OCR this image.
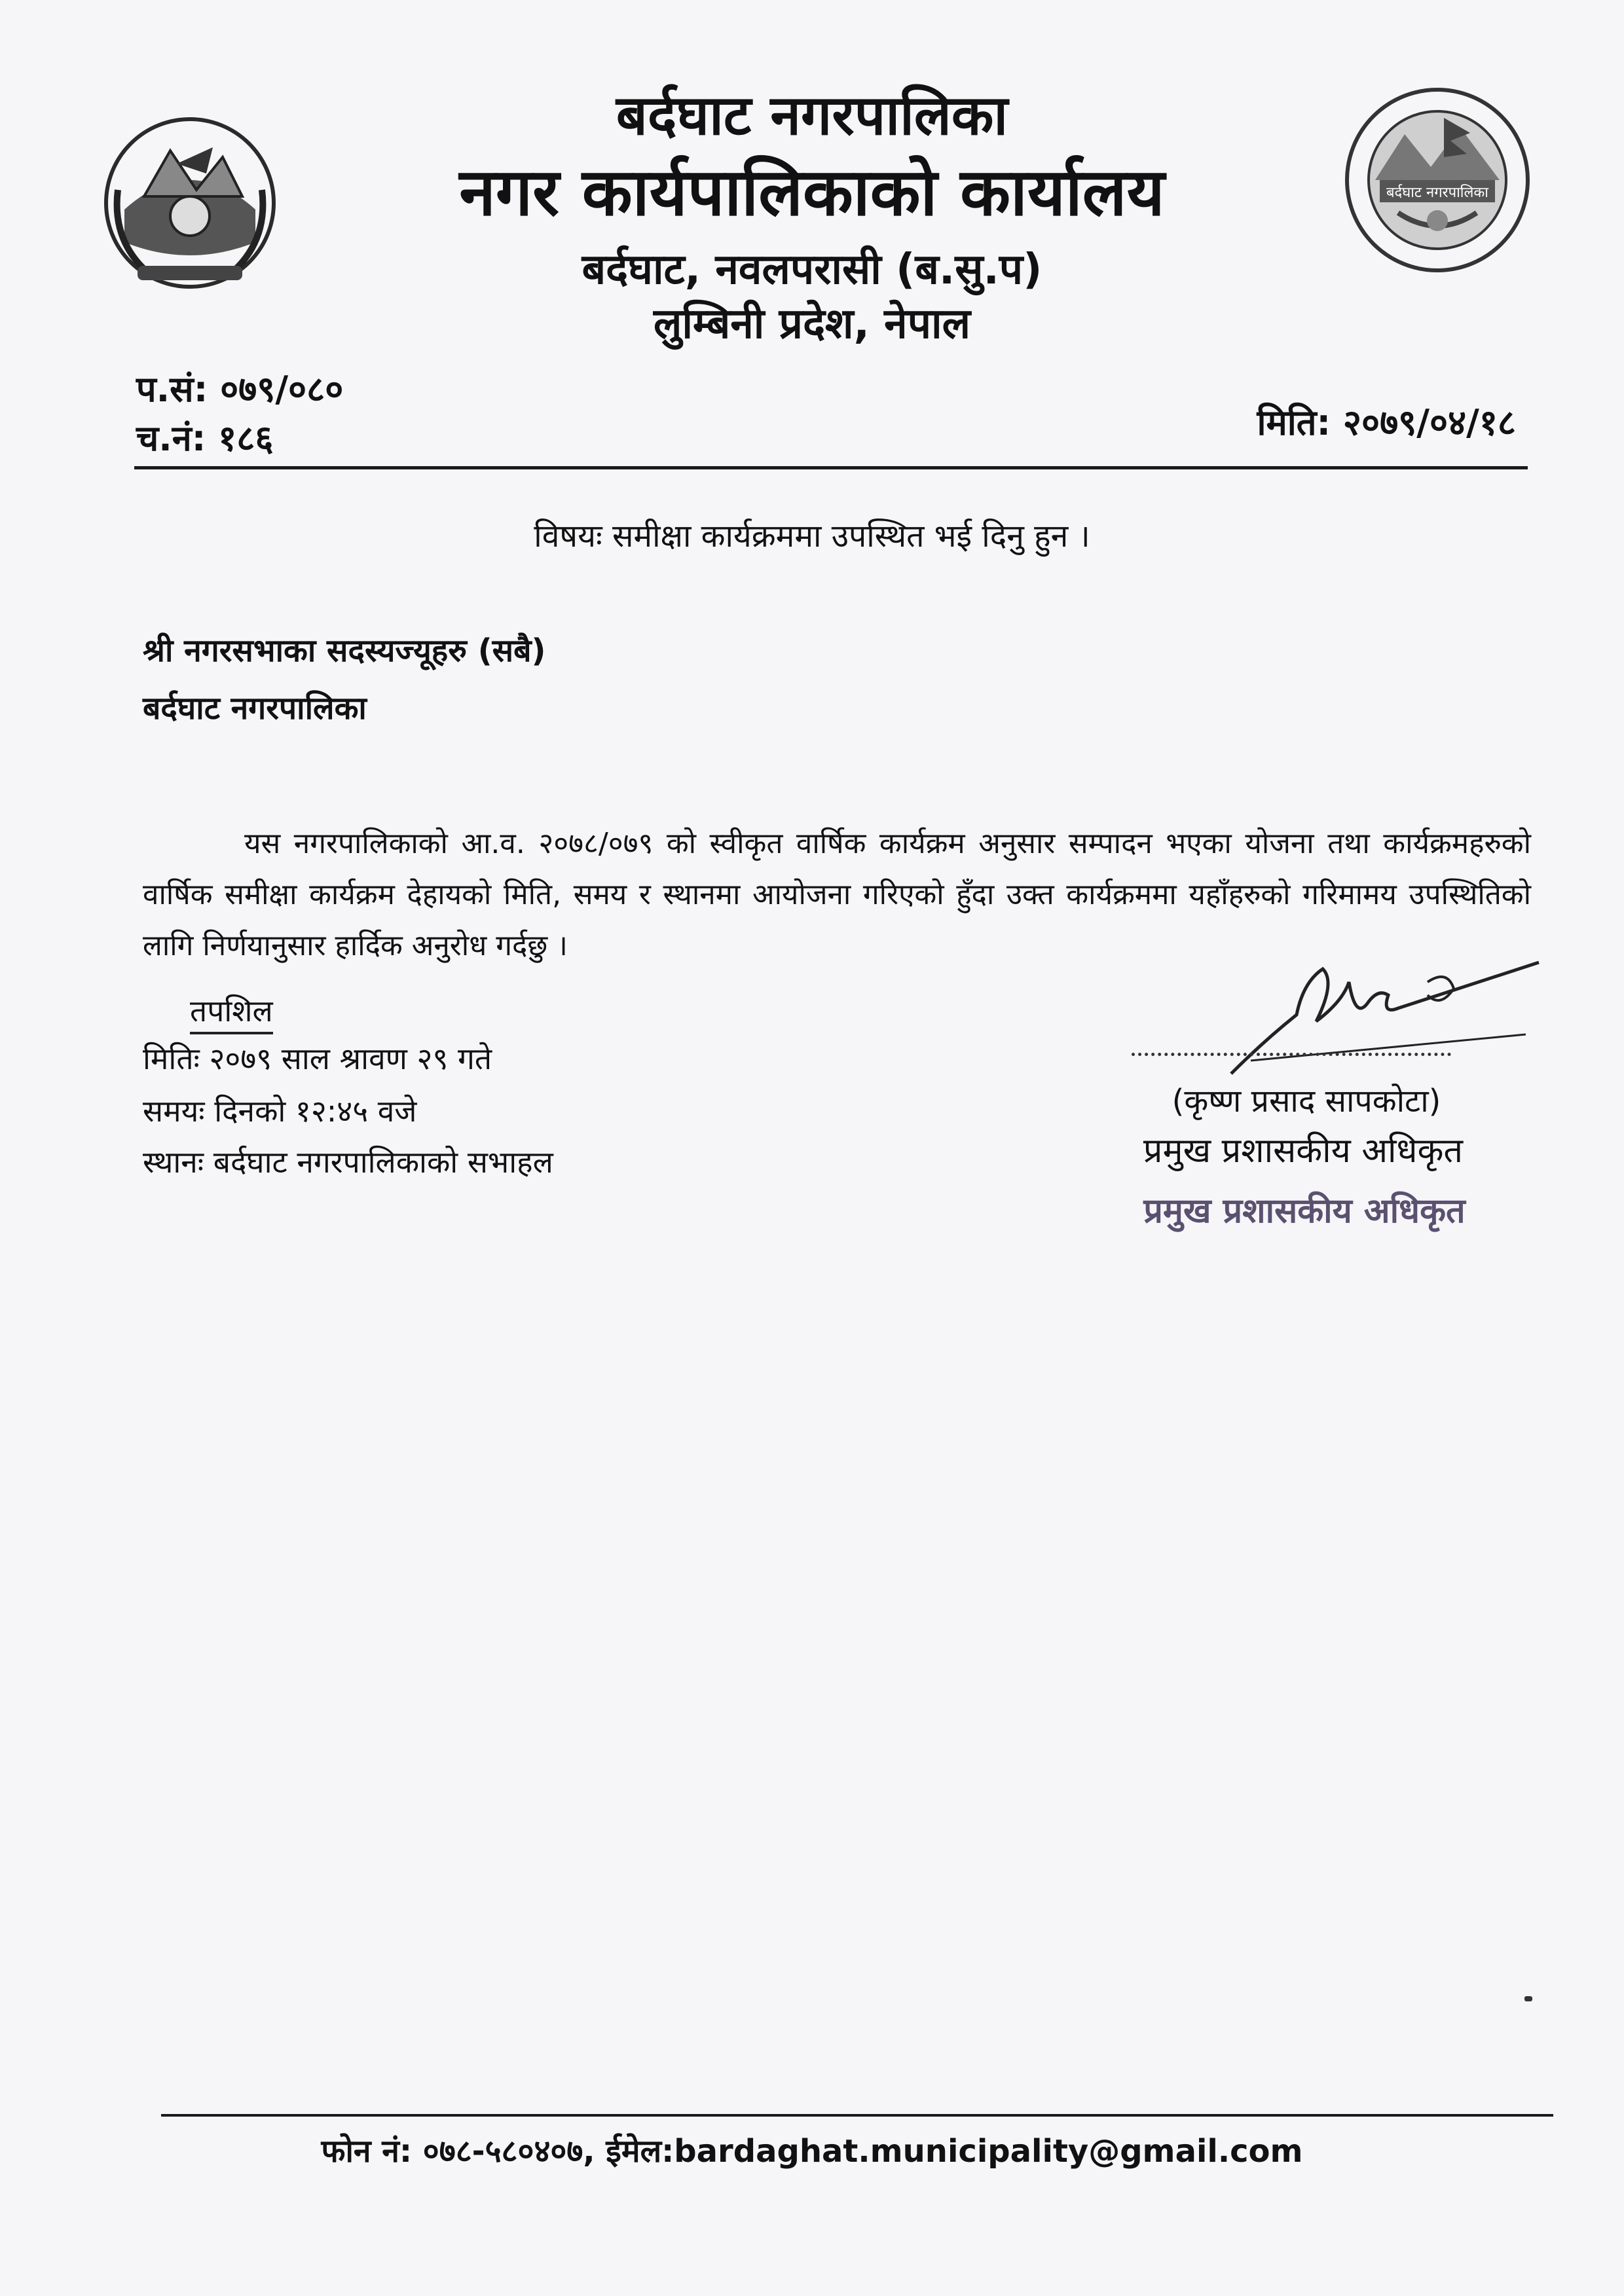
बर्दघाट नगरपालिका
बर्दघाट नगरपालिका
नगर कार्यपालिकाको कार्यालय
बर्दघाट, नवलपरासी (ब.सु.प)
लुम्बिनी प्रदेश, नेपाल
प.सं: ०७९/०८०
च.नं: १८६	मिति: २०७९/०४/१८
विषयः समीक्षा कार्यक्रममा उपस्थित भई दिनु हुन ।
श्री नगरसभाका सदस्यज्यूहरु (सबै)
बर्दघाट नगरपालिका
यस नगरपालिकाको आ.व. २०७८/०७९ को स्वीकृत वार्षिक कार्यक्रम अनुसार सम्पादन भएका योजना तथा कार्यक्रमहरुको वार्षिक समीक्षा कार्यक्रम देहायको मिति, समय र स्थानमा आयोजना गरिएको हुँदा उक्त कार्यक्रममा यहाँहरुको गरिमामय उपस्थितिको लागि निर्णयानुसार हार्दिक अनुरोध गर्दछु ।
तपशिल
मितिः २०७९ साल श्रावण २९ गते
समयः दिनको १२:४५ वजे
स्थानः बर्दघाट नगरपालिकाको सभाहल
(कृष्ण प्रसाद सापकोटा)
प्रमुख प्रशासकीय अधिकृत
प्रमुख प्रशासकीय अधिकृत
फोन नं: ०७८-५८०४०७, ईमेल:bardaghat.municipality@gmail.com
